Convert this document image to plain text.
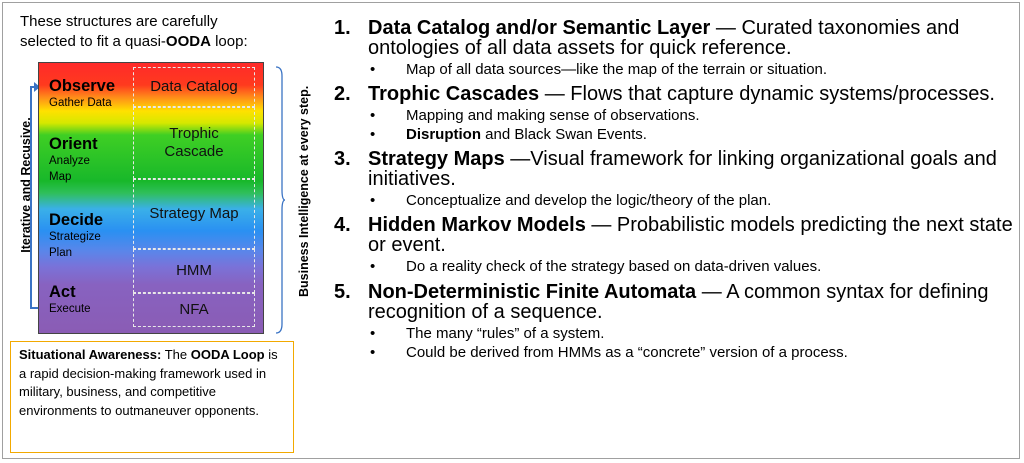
These structures are carefully
selected to fit a quasi-OODA loop:
Iterative and Recusive.
Observe
Gather Data
Orient
Analyze
Map
Decide
Strategize
Plan
Act
Execute
Data Catalog
Trophic Cascade
Strategy Map
HMM
NFA
Business Intelligence at every step.
Situational Awareness: The OODA Loop is a rapid decision-making framework used in military, business, and competitive environments to outmaneuver opponents.
1. Data Catalog and/or Semantic Layer — Curated taxonomies and ontologies of all data assets for quick reference.
• Map of all data sources—like the map of the terrain or situation.
2. Trophic Cascades — Flows that capture dynamic systems/processes.
• Mapping and making sense of observations.
• Disruption and Black Swan Events.
3. Strategy Maps —Visual framework for linking organizational goals and initiatives.
• Conceptualize and develop the logic/theory of the plan.
4. Hidden Markov Models — Probabilistic models predicting the next state or event.
• Do a reality check of the strategy based on data-driven values.
5. Non-Deterministic Finite Automata — A common syntax for defining recognition of a sequence.
• The many “rules” of a system.
• Could be derived from HMMs as a “concrete” version of a process.
